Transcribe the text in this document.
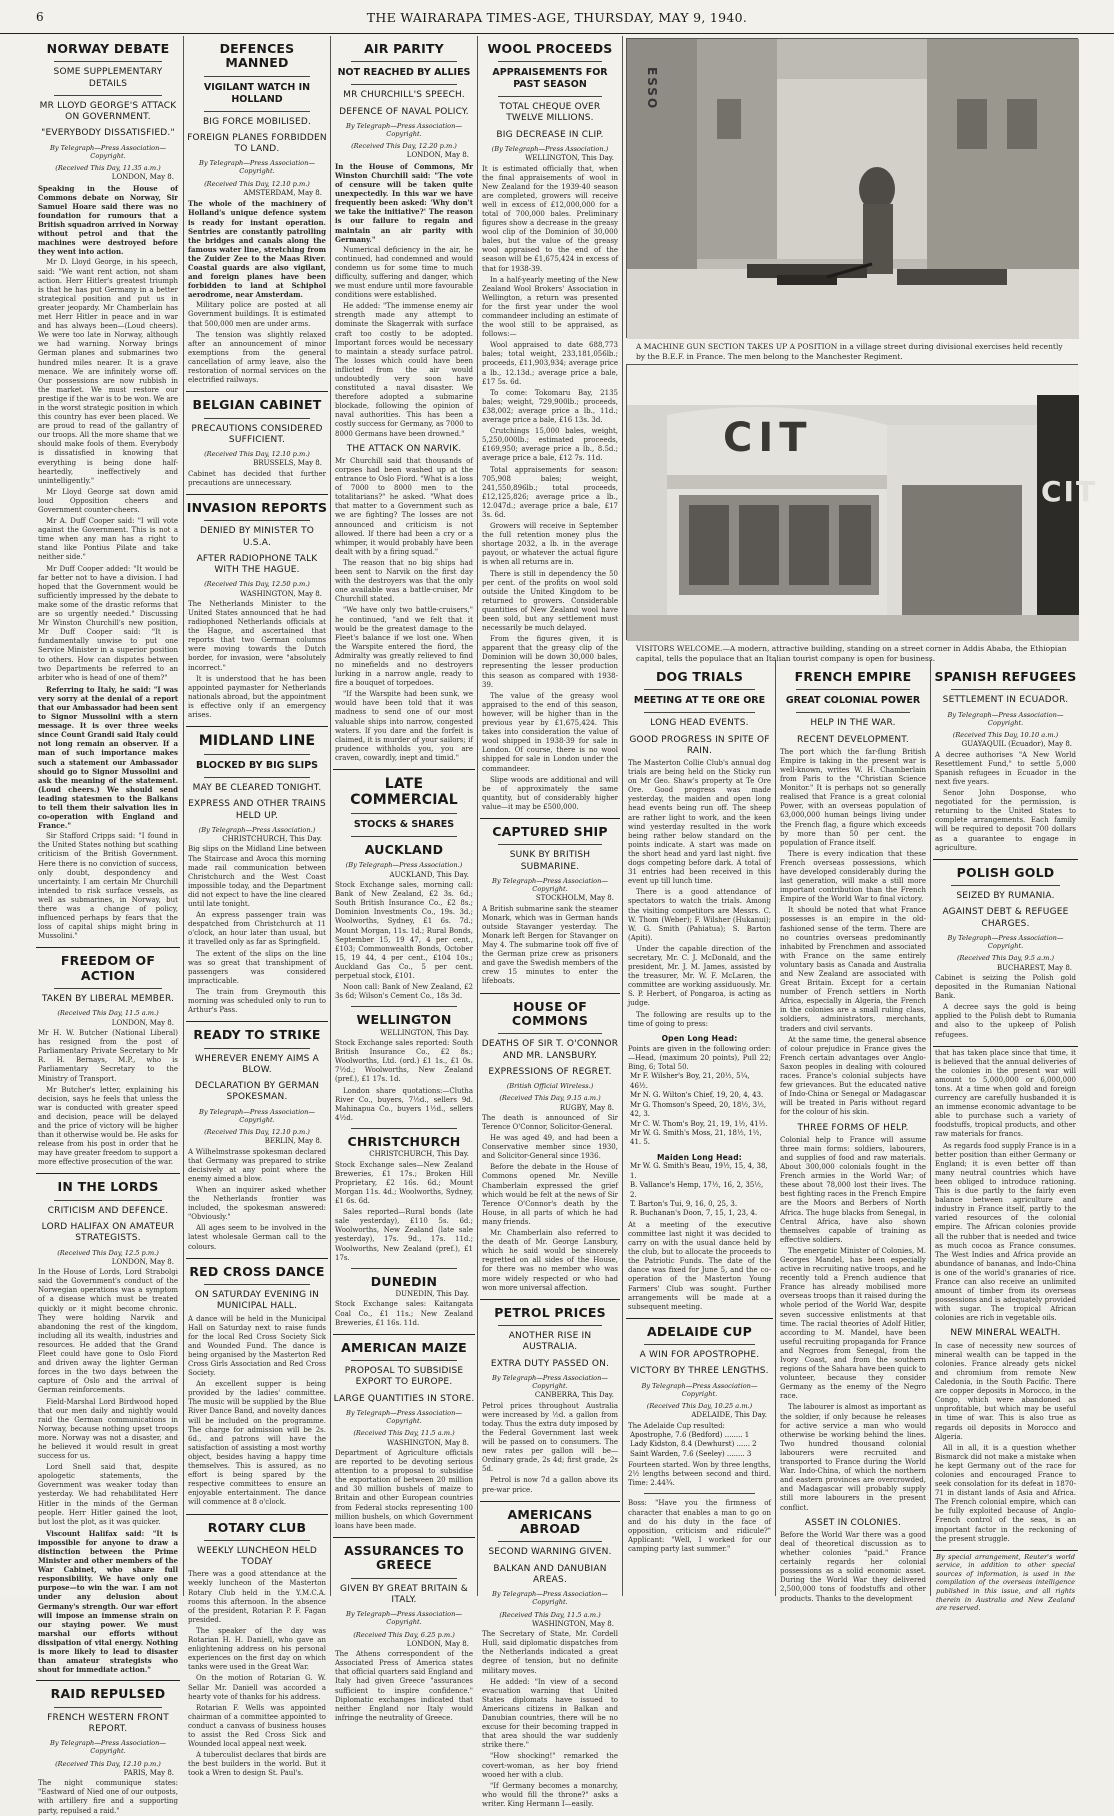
6	THE WAIRARAPA TIMES-AGE, THURSDAY, MAY 9, 1940.
NORWAY DEBATE
SOME SUPPLEMENTARY DETAILS
MR LLOYD GEORGE'S ATTACK ON GOVERNMENT.
"EVERYBODY DISSATISFIED."
By Telegraph—Press Association—Copyright.
(Received This Day, 11.35 a.m.)
LONDON, May 8.
Speaking in the House of Commons debate on Norway, Sir Samuel Hoare said there was no foundation for rumours that a British squadron arrived in Norway without petrol and that the machines were destroyed before they went into action.
Mr D. Lloyd George, in his speech, said: "We want rent action, not sham action. Herr Hitler's greatest triumph is that he has put Germany in a better strategical position and put us in greater jeopardy. Mr Chamberlain has met Herr Hitler in peace and in war and has always been—(Loud cheers). We were too late in Norway, although we had warning. Norway brings German planes and submarines two hundred miles nearer. It is a grave menace. We are infinitely worse off. Our possessions are now rubbish in the market. We must restore our prestige if the war is to be won. We are in the worst strategic position in which this country has ever been placed. We are proud to read of the gallantry of our troops. All the more shame that we should make fools of them. Everybody is dissatisfied in knowing that everything is being done half-heartedly, ineffectively and unintelligently."
Mr Lloyd George sat down amid loud Opposition cheers and Government counter-cheers.
Mr A. Duff Cooper said: "I will vote against the Government. This is not a time when any man has a right to stand like Pontius Pilate and take neither side."
Mr Duff Cooper added: "It would be far better not to have a division. I had hoped that the Government would be sufficiently impressed by the debate to make some of the drastic reforms that are so urgently needed." Discussing Mr Winston Churchill's new position, Mr Duff Cooper said: "It is fundamentally unwise to put one Service Minister in a superior position to others. How can disputes between two Departments be referred to an arbiter who is head of one of them?"
Referring to Italy, he said: "I was very sorry at the denial of a report that our Ambassador had been sent to Signor Mussolini with a stern message. It is over three weeks since Count Grandi said Italy could not long remain an observer. If a man of such importance makes such a statement our Ambassador should go to Signor Mussolini and ask the meaning of the statement. (Loud cheers.) We should send leading statesmen to the Balkans to tell them their salvation lies in co-operation with England and France."
Sir Stafford Cripps said: "I found in the United States nothing but scathing criticism of the British Government. Here there is no conviction of success, only doubt, despondency and uncertainty. I am certain Mr Churchill intended to risk surface vessels, as well as submarines, in Norway, but there was a change of policy, influenced perhaps by fears that the loss of capital ships might bring in Mussolini."
FREEDOM OF ACTION
TAKEN BY LIBERAL MEMBER.
(Received This Day, 11.5 a.m.)
LONDON, May 8.
Mr H. W. Butcher (National Liberal) has resigned from the post of Parliamentary Private Secretary to Mr R. H. Bernays, M.P., who is Parliamentary Secretary to the Ministry of Transport.
Mr Butcher's letter, explaining his decision, says he feels that unless the war is conducted with greater speed and decision, peace will be delayed and the price of victory will be higher than it otherwise would be. He asks for release from his post in order that he may have greater freedom to support a more effective prosecution of the war.
IN THE LORDS
CRITICISM AND DEFENCE.
LORD HALIFAX ON AMATEUR STRATEGISTS.
(Received This Day, 12.5 p.m.)
LONDON, May 8.
In the House of Lords, Lord Strabolgi said the Government's conduct of the Norwegian operations was a symptom of a disease which must be treated quickly or it might become chronic. They were holding Narvik and abandoning the rest of the kingdom, including all its wealth, industries and resources. He added that the Grand Fleet could have gone to Oslo Fiord and driven away the lighter German forces in the two days between the capture of Oslo and the arrival of German reinforcements.
Field-Marshal Lord Birdwood hoped that our men daily and nightly would raid the German communications in Norway, because nothing upset troops more. Norway was not a disaster, and he believed it would result in great success for us.
Lord Snell said that, despite apologetic statements, the Government was weaker today than yesterday. We had rehabilitated Herr Hitler in the minds of the German people. Herr Hitler gained the loot, but lost the plot, as it was quicker.
Viscount Halifax said: "It is impossible for anyone to draw a distinction between the Prime Minister and other members of the War Cabinet, who share full responsibility. We have only one purpose—to win the war. I am not under any delusion about Germany's strength. Our war effort will impose an immense strain on our staying power. We must marshal our efforts without dissipation of vital energy. Nothing is more likely to lead to disaster than amateur strategists who shout for immediate action."
RAID REPULSED
FRENCH WESTERN FRONT REPORT.
By Telegraph—Press Association—Copyright.
(Received This Day, 12.10 p.m.)
PARIS, May 8.
The night communique states: "Eastward of Nied one of our outposts, with artillery fire and a supporting party, repulsed a raid."
DEFENCES MANNED
VIGILANT WATCH IN HOLLAND
BIG FORCE MOBILISED.
FOREIGN PLANES FORBIDDEN TO LAND.
By Telegraph—Press Association—Copyright.
(Received This Day, 12.10 p.m.)
AMSTERDAM, May 8.
The whole of the machinery of Holland's unique defence system is ready for instant operation. Sentries are constantly patrolling the bridges and canals along the famous water line, stretching from the Zuider Zee to the Maas River. Coastal guards are also vigilant, and foreign planes have been forbidden to land at Schiphol aerodrome, near Amsterdam.
Military police are posted at all Government buildings. It is estimated that 500,000 men are under arms.
The tension was slightly relaxed after an announcement of minor exemptions from the general cancellation of army leave, also the restoration of normal services on the electrified railways.
BELGIAN CABINET
PRECAUTIONS CONSIDERED SUFFICIENT.
(Received This Day, 12.10 p.m.)
BRUSSELS, May 8.
Cabinet has decided that further precautions are unnecessary.
INVASION REPORTS
DENIED BY MINISTER TO U.S.A.
AFTER RADIOPHONE TALK WITH THE HAGUE.
(Received This Day, 12.50 p.m.)
WASHINGTON, May 8.
The Netherlands Minister to the United States announced that he had radiophoned Netherlands officials at the Hague, and ascertained that reports that two German columns were moving towards the Dutch border, for invasion, were "absolutely incorrect."
It is understood that he has been appointed paymaster for Netherlands nationals abroad, but the appointment is effective only if an emergency arises.
MIDLAND LINE
BLOCKED BY BIG SLIPS
MAY BE CLEARED TONIGHT.
EXPRESS AND OTHER TRAINS HELD UP.
(By Telegraph—Press Association.)
CHRISTCHURCH, This Day.
Big slips on the Midland Line between The Staircase and Avoca this morning made rail communication between Christchurch and the West Coast impossible today, and the Department did not expect to have the line cleared until late tonight.
An express passenger train was despatched from Christchurch at 11 o'clock, an hour later than usual, but it travelled only as far as Springfield.
The extent of the slips on the line was so great that transhipment of passengers was considered impracticable.
The train from Greymouth this morning was scheduled only to run to Arthur's Pass.
READY TO STRIKE
WHEREVER ENEMY AIMS A BLOW.
DECLARATION BY GERMAN SPOKESMAN.
By Telegraph—Press Association—Copyright.
(Received This Day, 12.10 p.m.)
BERLIN, May 8.
A Wilhelmstrasse spokesman declared that Germany was prepared to strike decisively at any point where the enemy aimed a blow.
When an inquirer asked whether the Netherlands frontier was included, the spokesman answered: "Obviously."
All ages seem to be involved in the latest wholesale German call to the colours.
RED CROSS DANCE
ON SATURDAY EVENING IN MUNICIPAL HALL.
A dance will be held in the Municipal Hall on Saturday next to raise funds for the local Red Cross Society Sick and Wounded Fund. The dance is being organised by the Masterton Red Cross Girls Association and Red Cross Society.
An excellent supper is being provided by the ladies' committee. The music will be supplied by the Blue River Dance Band, and novelty dances will be included on the programme. The charge for admission will be 2s. 6d., and patrons will have the satisfaction of assisting a most worthy object, besides having a happy time themselves. This is assured, as no effort is being spared by the respective committees to ensure an enjoyable entertainment. The dance will commence at 8 o'clock.
ROTARY CLUB
WEEKLY LUNCHEON HELD TODAY
There was a good attendance at the weekly luncheon of the Masterton Rotary Club held in the Y.M.C.A. rooms this afternoon. In the absence of the president, Rotarian P. F. Fagan presided.
The speaker of the day was Rotarian H. H. Daniell, who gave an enlightening address on his personal experiences on the first day on which tanks were used in the Great War.
On the motion of Rotarian G. W. Sellar Mr. Daniell was accorded a hearty vote of thanks for his address.
Rotarian F. Wells was appointed chairman of a committee appointed to conduct a canvass of business houses to assist the Red Cross Sick and Wounded local appeal next week.
A tuberculist declares that birds are the best builders in the world. But it took a Wren to design St. Paul's.
AIR PARITY
NOT REACHED BY ALLIES
MR CHURCHILL'S SPEECH.
DEFENCE OF NAVAL POLICY.
By Telegraph—Press Association—Copyright.
(Received This Day, 12.20 p.m.)
LONDON, May 8.
In the House of Commons, Mr Winston Churchill said: "The vote of censure will be taken quite unexpectedly. In this war we have frequently been asked: 'Why don't we take the initiative?' The reason is our failure to regain and maintain an air parity with Germany."
Numerical deficiency in the air, he continued, had condemned and would condemn us for some time to much difficulty, suffering and danger, which we must endure until more favourable conditions were established.
He added: "The immense enemy air strength made any attempt to dominate the Skagerrak with surface craft too costly to be adopted. Important forces would be necessary to maintain a steady surface patrol. The losses which could have been inflicted from the air would undoubtedly very soon have constituted a naval disaster. We therefore adopted a submarine blockade, following the opinion of naval authorities. This has been a costly success for Germany, as 7000 to 8000 Germans have been drowned."
THE ATTACK ON NARVIK.
Mr Churchill said that thousands of corpses had been washed up at the entrance to Oslo Fiord. "What is a loss of 7000 to 8000 men to the totalitarians?" he asked. "What does that matter to a Government such as we are fighting? The losses are not announced and criticism is not allowed. If there had been a cry or a whimper, it would probably have been dealt with by a firing squad."
The reason that no big ships had been sent to Narvik on the first day with the destroyers was that the only one available was a battle-cruiser, Mr Churchill stated.
"We have only two battle-cruisers," he continued, "and we felt that it would be the greatest damage to the Fleet's balance if we lost one. When the Warspite entered the fiord, the Admiralty was greatly relieved to find no minefields and no destroyers lurking in a narrow angle, ready to fire a bouquet of torpedoes.
"If the Warspite had been sunk, we would have been told that it was madness to send one of our most valuable ships into narrow, congested waters. If you dare and the forfeit is claimed, it is murder of your sailors; if prudence withholds you, you are craven, cowardly, inept and timid."
LATE COMMERCIAL
STOCKS & SHARES
AUCKLAND
(By Telegraph—Press Association.)
AUCKLAND, This Day.
Stock Exchange sales, morning call: Bank of New Zealand, £2 3s. 6d.; South British Insurance Co., £2 8s.; Dominion Investments Co., 19s. 3d.; Woolworths, Sydney, £1 6s. 7d.; Mount Morgan, 11s. 1d.; Rural Bonds, September 15, 19 47, 4 per cent., £103; Commonwealth Bonds, October 15, 19 44, 4 per cent., £104 10s.; Auckland Gas Co., 5 per cent. perpetual stock, £101.
Noon call: Bank of New Zealand, £2 3s 6d; Wilson's Cement Co., 18s 3d.
WELLINGTON
WELLINGTON, This Day.
Stock Exchange sales reported: South British Insurance Co., £2 8s.; Woolworths, Ltd. (ord.) £1 1s., £1 0s. 7½d.; Woolworths, New Zealand (pref.), £1 17s. 1d.
London share quotations:—Clutha River Co., buyers, 7½d., sellers 9d. Mahinapua Co., buyers 1½d., sellers 4½d.
CHRISTCHURCH
CHRISTCHURCH, This Day.
Stock Exchange sales—New Zealand Breweries, £1 17s.; Broken Hill Proprietary, £2 16s. 6d.; Mount Morgan 11s. 4d.; Woolworths, Sydney, £1 6s. 6d.
Sales reported—Rural bonds (late sale yesterday), £110 5s. 6d.; Woolworths, New Zealand (late sale yesterday), 17s. 9d., 17s. 11d.; Woolworths, New Zealand (pref.), £1 17s.
DUNEDIN
DUNEDIN, This Day.
Stock Exchange sales: Kaitangata Coal Co., £1 11s.; New Zealand Breweries, £1 16s. 11d.
AMERICAN MAIZE
PROPOSAL TO SUBSIDISE EXPORT TO EUROPE.
LARGE QUANTITIES IN STORE.
By Telegraph—Press Association—Copyright.
(Received This Day, 11.5 a.m.)
WASHINGTON, May 8.
Department of Agriculture officials are reported to be devoting serious attention to a proposal to subsidise the exportation of between 20 million and 30 million bushels of maize to Britain and other European countries from Federal stocks representing 100 million bushels, on which Government loans have been made.
ASSURANCES TO GREECE
GIVEN BY GREAT BRITAIN & ITALY.
By Telegraph—Press Association—Copyright.
(Received This Day, 6.25 p.m.)
LONDON, May 8.
The Athens correspondent of the Associated Press of America states that official quarters said England and Italy had given Greece "assurances sufficient to inspire confidence." Diplomatic exchanges indicated that neither England nor Italy would infringe the neutrality of Greece.
WOOL PROCEEDS
APPRAISEMENTS FOR PAST SEASON
TOTAL CHEQUE OVER TWELVE MILLIONS.
BIG DECREASE IN CLIP.
(By Telegraph—Press Association.)
WELLINGTON, This Day.
It is estimated officially that, when the final appraisements of wool in New Zealand for the 1939-40 season are completed, growers will receive well in excess of £12,000,000 for a total of 700,000 bales. Preliminary figures show a decrease in the greasy wool clip of the Dominion of 30,000 bales, but the value of the greasy wool appraised to the end of the season will be £1,675,424 in excess of that for 1938-39.
In a half-yearly meeting of the New Zealand Wool Brokers' Association in Wellington, a return was presented for the first year under the wool commandeer including an estimate of the wool still to be appraised, as follows:—
Wool appraised to date 688,773 bales; total weight, 233,181,056lb.; proceeds, £11,903,934; average price a lb., 12.13d.; average price a bale, £17 5s. 6d.
To come: Tokomaru Bay, 2135 bales; weight, 729,900lb.; proceeds, £38,002; average price a lb., 11d.; average price a bale, £16 13s. 3d.
Crutchings 15,000 bales, weight, 5,250,000lb.; estimated proceeds, £169,950; average price a lb., 8.5d.; average price a bale, £12 7s. 11d.
Total appraisements for season: 705,908 bales; weight, 241,550,896lb.; total proceeds, £12,125,826; average price a lb., 12.047d.; average price a bale, £17 3s. 6d.
Growers will receive in September the full retention money plus the shortage 2032, a lb. in the average payout, or whatever the actual figure is when all returns are in.
There is still in dependency the 50 per cent. of the profits on wool sold outside the United Kingdom to be returned to growers. Considerable quantities of New Zealand wool have been sold, but any settlement must necessarily be much delayed.
From the figures given, it is apparent that the greasy clip of the Dominion will be down 30,000 bales, representing the lesser production this season as compared with 1938-39.
The value of the greasy wool appraised to the end of this season, however, will be higher than in the previous year by £1,675,424. This takes into consideration the value of wool shipped in 1938-39 for sale in London. Of course, there is no wool shipped for sale in London under the commandeer.
Slipe woods are additional and will be of approximately the same quantity, but of considerably higher value—it may be £500,000.
CAPTURED SHIP
SUNK BY BRITISH SUBMARINE.
By Telegraph—Press Association—Copyright.
STOCKHOLM, May 8.
A British submarine sank the steamer Monark, which was in German hands outside Stavanger yesterday. The Monark left Bergen for Stavanger on May 4. The submarine took off five of the German prize crew as prisoners and gave the Swedish members of the crew 15 minutes to enter the lifeboats.
HOUSE OF COMMONS
DEATHS OF SIR T. O'CONNOR AND MR. LANSBURY.
EXPRESSIONS OF REGRET.
(British Official Wireless.)
(Received This Day, 9.15 a.m.)
RUGBY, May 8.
The death is announced of Sir Terence O'Connor, Solicitor-General.
He was aged 49, and had been a Conservative member since 1930, and Solicitor-General since 1936.
Before the debate in the House of Commons opened Mr. Neville Chamberlain expressed the grief which would be felt at the news of Sir Terence O'Connor's death by the House, in all parts of which he had many friends.
Mr. Chamberlain also referred to the death of Mr. George Lansbury, which he said would be sincerely regretted on all sides of the House, for there was no member who was more widely respected or who had won more universal affection.
PETROL PRICES
ANOTHER RISE IN AUSTRALIA.
EXTRA DUTY PASSED ON.
By Telegraph—Press Association—Copyright.
CANBERRA, This Day.
Petrol prices throughout Australia were increased by ½d. a gallon from today. Thus the extra duty imposed by the Federal Government last week will be passed on to consumers. The new rates per gallon will be—Ordinary grade, 2s 4d; first grade, 2s 5d.
Petrol is now 7d a gallon above its pre-war price.
AMERICANS ABROAD
SECOND WARNING GIVEN.
BALKAN AND DANUBIAN AREAS.
By Telegraph—Press Association—Copyright.
(Received This Day, 11.5 a.m.)
WASHINGTON, May 8.
The Secretary of State, Mr. Cordell Hull, said diplomatic dispatches from the Netherlands indicated a great degree of tension, but no definite military moves.
He added: "In view of a second evacuation warning that United States diplomats have issued to Americans citizens in Balkan and Danubian countries, there will be no excuse for their becoming trapped in that area should the war suddenly strike there."
"How shocking!" remarked the covert-woman, as her boy friend wooed her with a club.
"If Germany becomes a monarchy, who would fill the throne?" asks a writer. King Hermann I—easily.
ESSO
A MACHINE GUN SECTION TAKES UP A POSITION in a village street during divisional exercises held recently by the B.E.F. in France. The men belong to the Manchester Regiment.
CIT
CIT
VISITORS WELCOME.—A modern, attractive building, standing on a street corner in Addis Ababa, the Ethiopian capital, tells the populace that an Italian tourist company is open for business.
DOG TRIALS
MEETING AT TE ORE ORE
LONG HEAD EVENTS.
GOOD PROGRESS IN SPITE OF RAIN.
The Masterton Collie Club's annual dog trials are being held on the Sticky run on Mr Geo. Shaw's property at Te Ore Ore. Good progress was made yesterday, the maiden and open long head events being run off. The sheep are rather light to work, and the keen wind yesterday resulted in the work being rather below standard on the points indicate. A start was made on the short head and yard last night. five dogs competing before dark. A total of 31 entries had been received in this event up till lunch time.
There is a good attendance of spectators to watch the trials. Among the visiting competitors are Messrs. C. W. Thom (Weber); F. Wilsher (Hukanui); W. G. Smith (Pahiatua); S. Barton (Apiti).
Under the capable direction of the secretary, Mr. C. J. McDonald, and the president, Mr. J. M. James, assisted by the treasurer, Mr. W. F. McLaren, the committee are working assiduously. Mr. S. P. Herbert, of Pongaroa, is acting as judge.
The following are results up to the time of going to press:
Open Long Head:
Points are given in the following order:—Head, (maximum 20 points), Pull 22; Bing, 6; Total 50.
Mr F. Wilsher's Boy, 21, 20½, 5¼, 46½.
Mr N. G. Wilton's Chief, 19, 20, 4, 43.
Mr G. Thomson's Speed, 20, 18½, 3½, 42, 3.
Mr C. W. Thom's Boy, 21, 19, 1½, 41½.
Mr W. G. Smith's Moss, 21, 18½, 1½, 41. 5.
Maiden Long Head:
Mr W. G. Smith's Beau, 19½, 15, 4, 38, 1.
B. Vallance's Hemp, 17½, 16, 2, 35½, 2.
T. Barton's Tui, 9, 16, 0, 25, 3.
R. Buchanan's Doon, 7, 15, 1, 23, 4.
At a meeting of the executive committee last night it was decided to carry on with the usual dance held by the club, but to allocate the proceeds to the Patriotic Funds. The date of the dance was fixed for June 5, and the co-operation of the Masterton Young Farmers' Club was sought. Further arrangements will be made at a subsequent meeting.
ADELAIDE CUP
A WIN FOR APOSTROPHE.
VICTORY BY THREE LENGTHS.
By Telegraph—Press Association—Copyright.
(Received This Day, 10.25 a.m.)
ADELAIDE, This Day.
The Adelaide Cup resulted:
Apostrophe, 7.6 (Bedford) ........ 1
Lady Kidston, 8.4 (Dewhurst) ...... 2
Saint Warden, 7.6 (Seeley) ........ 3
Fourteen started. Won by three lengths, 2½ lengths between second and third. Time: 2.44¾.
Boss: "Have you the firmness of character that enables a man to go on and do his duty in the face of opposition, criticism and ridicule?" Applicant: "Well, I worked for our camping party last summer."
FRENCH EMPIRE
GREAT COLONIAL POWER
HELP IN THE WAR.
RECENT DEVELOPMENT.
The port which the far-flung British Empire is taking in the present war is well-known, writes W. H. Chamberlain from Paris to the "Christian Science Monitor." It is perhaps not so generally realised that France is a great colonial Power, with an overseas population of 63,000,000 human beings living under the French flag, a figure which exceeds by more than 50 per cent. the population of France itself.
There is every indication that these French overseas possessions, which have developed considerably during the last generation, will make a still more important contribution than the French Empire of the World War to final victory.
It should be noted that what France possesses is an empire in the old-fashioned sense of the term. There are no countries overseas predominantly inhabited by Frenchmen and associated with France on the same entirely voluntary basis as Canada and Australia and New Zealand are associated with Great Britain. Except for a certain number of French settlers in North Africa, especially in Algeria, the French in the colonies are a small ruling class, soldiers, administrators, merchants, traders and civil servants.
At the same time, the general absence of colour prejudice in France gives the French certain advantages over Anglo-Saxon peoples in dealing with coloured races. France's colonial subjects have few grievances. But the educated native of Indo-China or Senegal or Madagascar will be treated in Paris without regard for the colour of his skin.
THREE FORMS OF HELP.
Colonial help to France will assume three main forms: soldiers, labourers, and supplies of food and raw materials. About 300,000 colonials fought in the French armies in the World War; of these about 78,000 lost their lives. The best fighting races in the French Empire are the Moors and Berbers of North Africa. The huge blacks from Senegal, in Central Africa, have also shown themselves capable of training as effective soldiers.
The energetic Minister of Colonies, M. Georges Mandel, has been especially active in recruiting native troops, and he recently told a French audience that France has already mobilised more overseas troops than it raised during the whole period of the World War, despite seven successive enlistments at that time. The racial theories of Adolf Hitler, according to M. Mandel, have been useful recruiting propaganda for France and Negroes from Senegal, from the Ivory Coast, and from the southern regions of the Sahara have been quick to volunteer, because they consider Germany as the enemy of the Negro race.
The labourer is almost as important as the soldier, if only because he releases for active service a man who would otherwise be working behind the lines. Two hundred thousand colonial labourers were recruited and transported to France during the World War. Indo-China, of which the northern and eastern provinces are overcrowded, and Madagascar will probably supply still more labourers in the present conflict.
ASSET IN COLONIES.
Before the World War there was a good deal of theoretical discussion as to whether colonies "paid." France certainly regards her colonial possessions as a solid economic asset. During the World War they delivered 2,500,000 tons of foodstuffs and other products. Thanks to the development
SPANISH REFUGEES
SETTLEMENT IN ECUADOR.
By Telegraph—Press Association—Copyright.
(Received This Day, 10.10 a.m.)
GUAYAQUIL (Ecuador), May 8.
A decree authorises "A New World Resettlement Fund," to settle 5,000 Spanish refugees in Ecuador in the next five years.
Senor John Dosponse, who negotiated for the permission, is returning to the United States to complete arrangements. Each family will be required to deposit 700 dollars as a guarantee to engage in agriculture.
POLISH GOLD
SEIZED BY RUMANIA.
AGAINST DEBT & REFUGEE CHARGES.
By Telegraph—Press Association—Copyright.
(Received This Day, 9.5 a.m.)
BUCHAREST, May 8.
Cabinet is seizing the Polish gold deposited in the Rumanian National Bank.
A decree says the gold is being applied to the Polish debt to Rumania and also to the upkeep of Polish refugees.
that has taken place since that time, it is believed that the annual deliveries of the colonies in the present war will amount to 5,000,000 or 6,000,000 tons. At a time when gold and foreign currency are carefully husbanded it is an immense economic advantage to be able to purchase such a variety of foodstuffs, tropical products, and other raw materials for francs.
As regards food supply France is in a better position than either Germany or England; it is even better off than many neutral countries which have been obliged to introduce rationing. This is due partly to the fairly even balance between agriculture and industry in France itself, partly to the varied resources of the colonial empire. The African colonies provide all the rubber that is needed and twice as much cocoa as France consumes. The West Indies and Africa provide an abundance of bananas, and Indo-China is one of the world's granaries of rice. France can also receive an unlimited amount of timber from its overseas possessions and is adequately provided with sugar. The tropical African colonies are rich in vegetable oils.
NEW MINERAL WEALTH.
In case of necessity new sources of mineral wealth can be tapped in the colonies. France already gets nickel and chromium from remote New Caledonia, in the South Pacific. There are copper deposits in Morocco, in the Congo, which were abandoned as unprofitable, but which may be useful in time of war. This is also true as regards oil deposits in Morocco and Algeria.
All in all, it is a question whether Bismarck did not make a mistake when he kept Germany out of the race for colonies and encouraged France to seek consolation for its defeat in 1870-71 in distant lands of Asia and Africa. The French colonial empire, which can be fully exploited because of Anglo-French control of the seas, is an important factor in the reckoning of the present struggle.
By special arrangement, Reuter's world service, in addition to other special sources of information, is used in the compilation of the overseas intelligence published in this issue, and all rights therein in Australia and New Zealand are reserved.
